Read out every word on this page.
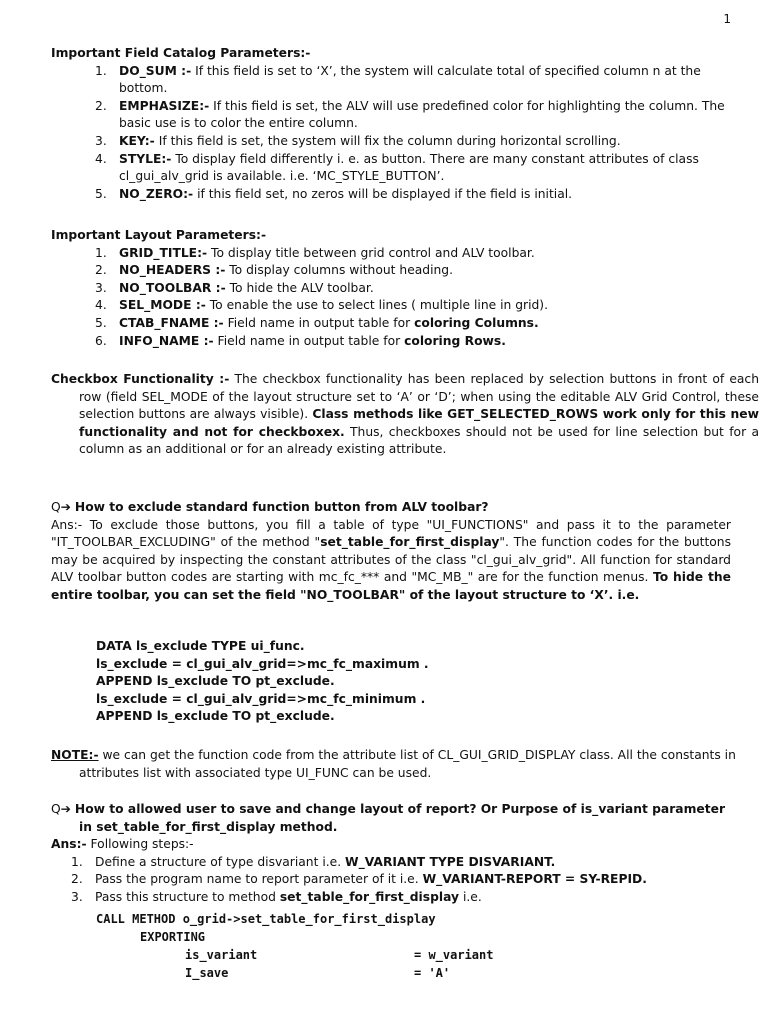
1
Important Field Catalog Parameters:-
1. DO_SUM :- If this field is set to ‘X’, the system will calculate total of specified column n at the bottom.
2. EMPHASIZE:- If this field is set, the ALV will use predefined color for highlighting the column. The basic use is to color the entire column.
3. KEY:- If this field is set, the system will fix the column during horizontal scrolling.
4. STYLE:- To display field differently i. e. as button. There are many constant attributes of class cl_gui_alv_grid is available. i.e. ‘MC_STYLE_BUTTON’.
5. NO_ZERO:- if this field set, no zeros will be displayed if the field is initial.
Important Layout Parameters:-
1. GRID_TITLE:- To display title between grid control and ALV toolbar.
2. NO_HEADERS :- To display columns without heading.
3. NO_TOOLBAR :- To hide the ALV toolbar.
4. SEL_MODE :- To enable the use to select lines ( multiple line in grid).
5. CTAB_FNAME :- Field name in output table for coloring Columns.
6. INFO_NAME :- Field name in output table for coloring Rows.
Checkbox Functionality :- The checkbox functionality has been replaced by selection buttons in front of each row (field SEL_MODE of the layout structure set to ‘A’ or ‘D’; when using the editable ALV Grid Control, these selection buttons are always visible). Class methods like GET_SELECTED_ROWS work only for this new functionality and not for checkboxex. Thus, checkboxes should not be used for line selection but for a column as an additional or for an already existing attribute.
Q➔ How to exclude standard function button from ALV toolbar?
Ans:- To exclude those buttons, you fill a table of type "UI_FUNCTIONS" and pass it to the parameter "IT_TOOLBAR_EXCLUDING" of the method "set_table_for_first_display". The function codes for the buttons may be acquired by inspecting the constant attributes of the class "cl_gui_alv_grid". All function for standard ALV toolbar button codes are starting with mc_fc_*** and "MC_MB_" are for the function menus. To hide the entire toolbar, you can set the field "NO_TOOLBAR" of the layout structure to ‘X’. i.e.
DATA ls_exclude TYPE ui_func.
ls_exclude = cl_gui_alv_grid=>mc_fc_maximum .
APPEND ls_exclude TO pt_exclude.
ls_exclude = cl_gui_alv_grid=>mc_fc_minimum .
APPEND ls_exclude TO pt_exclude.
NOTE:- we can get the function code from the attribute list of CL_GUI_GRID_DISPLAY class. All the constants in attributes list with associated type UI_FUNC can be used.
Q➔ How to allowed user to save and change layout of report? Or Purpose of is_variant parameter in set_table_for_first_display method.
Ans:- Following steps:-
1. Define a structure of type disvariant i.e. W_VARIANT TYPE DISVARIANT.
2. Pass the program name to report parameter of it i.e. W_VARIANT-REPORT = SY-REPID.
3. Pass this structure to method set_table_for_first_display i.e.
CALL METHOD o_grid->set_table_for_first_display
EXPORTING
is_variant	= w_variant
I_save	= 'A'
